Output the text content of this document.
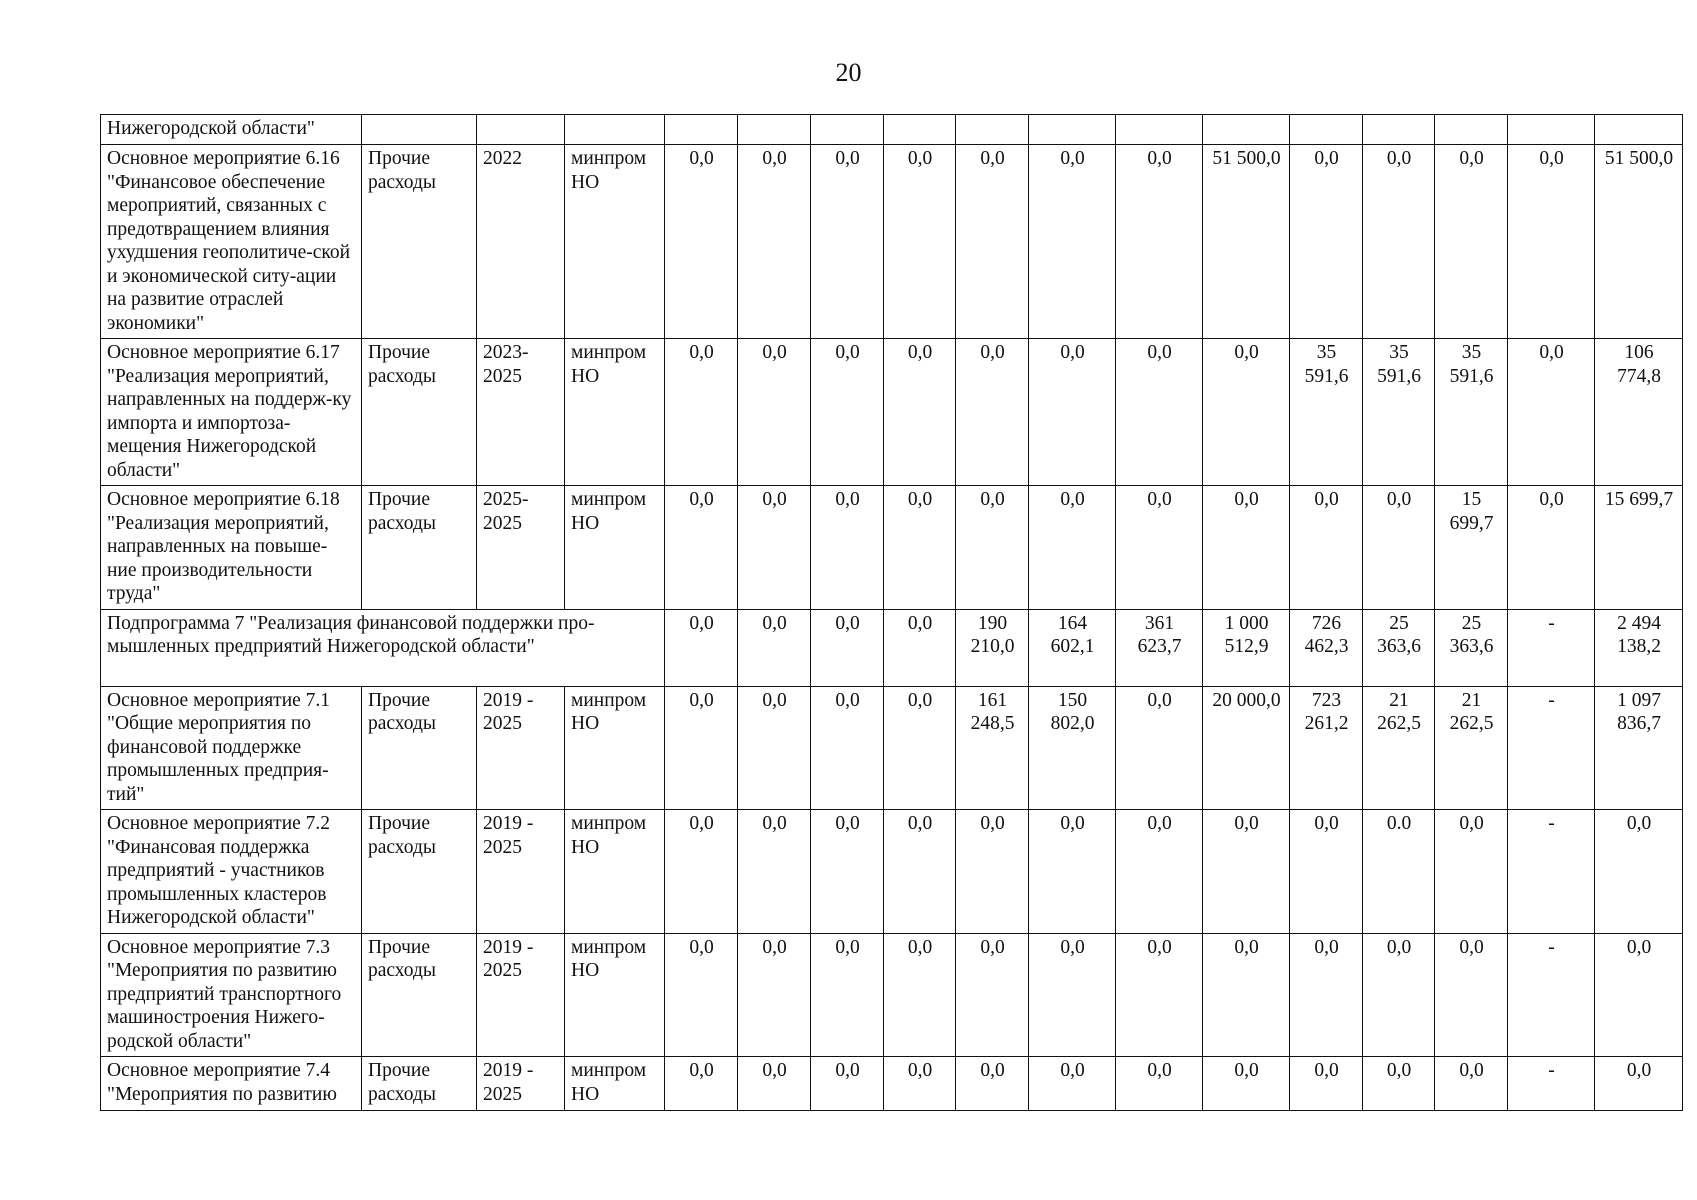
20
Нижегородской области"																
Основное мероприятие 6.16 "Финансовое обеспечение мероприятий, связанных с предотвращением влияния ухудшения геополитиче-ской и экономической ситу-ации на развитие отраслей экономики"	Прочие расходы	2022	минпром НО	0,0	0,0	0,0	0,0	0,0	0,0	0,0	51 500,0	0,0	0,0	0,0	0,0	51 500,0
Основное мероприятие 6.17 "Реализация мероприятий, направленных на поддерж-ку импорта и импортоза-мещения Нижегородской области"	Прочие расходы	2023-2025	минпром НО	0,0	0,0	0,0	0,0	0,0	0,0	0,0	0,0	35 591,6	35 591,6	35 591,6	0,0	106 774,8
Основное мероприятие 6.18 "Реализация мероприятий, направленных на повыше-ние производительности труда"	Прочие расходы	2025-2025	минпром НО	0,0	0,0	0,0	0,0	0,0	0,0	0,0	0,0	0,0	0,0	15 699,7	0,0	15 699,7
Подпрограмма 7 "Реализация финансовой поддержки про-мышленных предприятий Нижегородской области"				0,0	0,0	0,0	0,0	190 210,0	164 602,1	361 623,7	1 000 512,9	726 462,3	25 363,6	25 363,6	-	2 494 138,2
Основное мероприятие 7.1 "Общие мероприятия по финансовой поддержке промышленных предприя-тий"	Прочие расходы	2019 - 2025	минпром НО	0,0	0,0	0,0	0,0	161 248,5	150 802,0	0,0	20 000,0	723 261,2	21 262,5	21 262,5	-	1 097 836,7
Основное мероприятие 7.2 "Финансовая поддержка предприятий - участников промышленных кластеров Нижегородской области"	Прочие расходы	2019 - 2025	минпром НО	0,0	0,0	0,0	0,0	0,0	0,0	0,0	0,0	0,0	0.0	0,0	-	0,0
Основное мероприятие 7.3 "Мероприятия по развитию предприятий транспортного машиностроения Нижего-родской области"	Прочие расходы	2019 - 2025	минпром НО	0,0	0,0	0,0	0,0	0,0	0,0	0,0	0,0	0,0	0,0	0,0	-	0,0
Основное мероприятие 7.4 "Мероприятия по развитию	Прочие расходы	2019 - 2025	минпром НО	0,0	0,0	0,0	0,0	0,0	0,0	0,0	0,0	0,0	0,0	0,0	-	0,0
